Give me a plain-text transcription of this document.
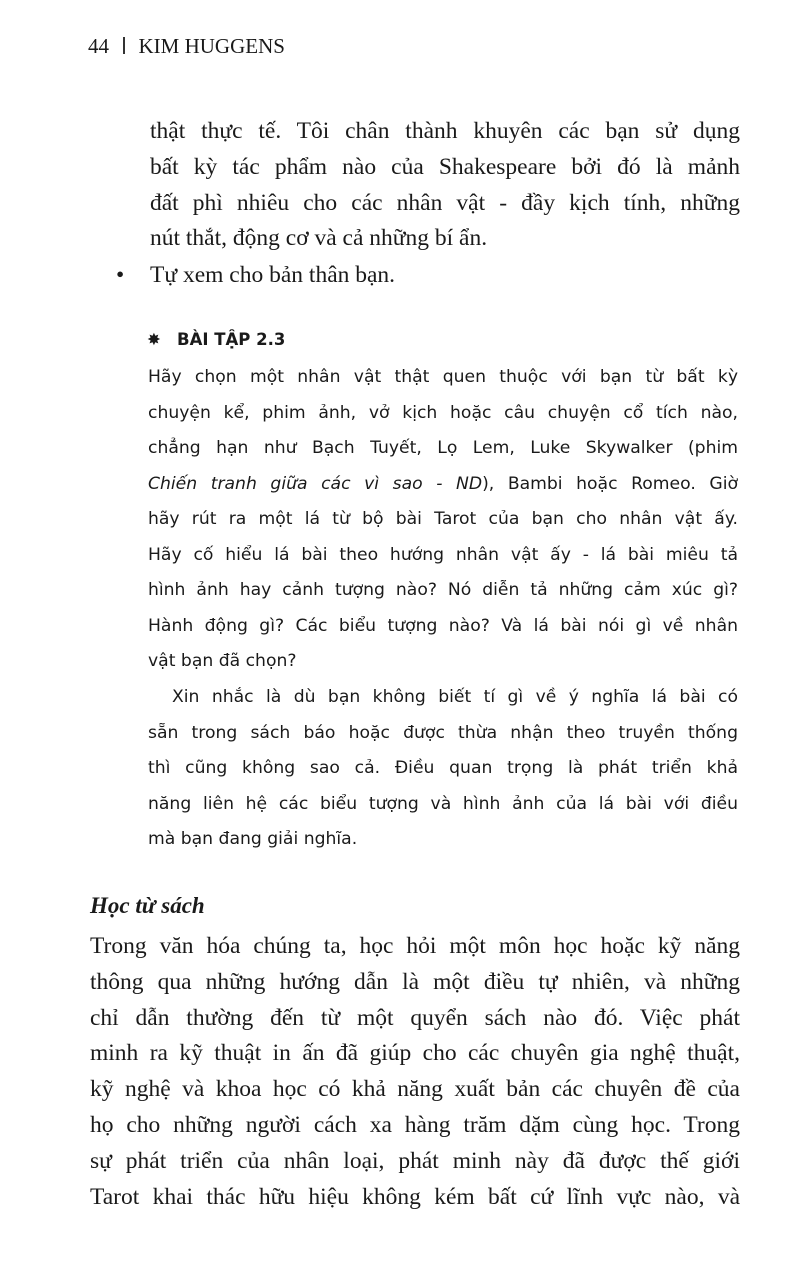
44 KIM HUGGENS
thật thực tế. Tôi chân thành khuyên các bạn sử dụng
bất kỳ tác phẩm nào của Shakespeare bởi đó là mảnh
đất phì nhiêu cho các nhân vật - đầy kịch tính, những
nút thắt, động cơ và cả những bí ẩn.
• Tự xem cho bản thân bạn.
✸ BÀI TẬP 2.3
Hãy chọn một nhân vật thật quen thuộc với bạn từ bất kỳ
chuyện kể, phim ảnh, vở kịch hoặc câu chuyện cổ tích nào,
chẳng hạn như Bạch Tuyết, Lọ Lem, Luke Skywalker (phim
Chiến tranh giữa các vì sao - ND), Bambi hoặc Romeo. Giờ
hãy rút ra một lá từ bộ bài Tarot của bạn cho nhân vật ấy.
Hãy cố hiểu lá bài theo hướng nhân vật ấy - lá bài miêu tả
hình ảnh hay cảnh tượng nào? Nó diễn tả những cảm xúc gì?
Hành động gì? Các biểu tượng nào? Và lá bài nói gì về nhân
vật bạn đã chọn?
Xin nhắc là dù bạn không biết tí gì về ý nghĩa lá bài có
sẵn trong sách báo hoặc được thừa nhận theo truyền thống
thì cũng không sao cả. Điều quan trọng là phát triển khả
năng liên hệ các biểu tượng và hình ảnh của lá bài với điều
mà bạn đang giải nghĩa.
Học từ sách
Trong văn hóa chúng ta, học hỏi một môn học hoặc kỹ năng
thông qua những hướng dẫn là một điều tự nhiên, và những
chỉ dẫn thường đến từ một quyển sách nào đó. Việc phát
minh ra kỹ thuật in ấn đã giúp cho các chuyên gia nghệ thuật,
kỹ nghệ và khoa học có khả năng xuất bản các chuyên đề của
họ cho những người cách xa hàng trăm dặm cùng học. Trong
sự phát triển của nhân loại, phát minh này đã được thế giới
Tarot khai thác hữu hiệu không kém bất cứ lĩnh vực nào, và
